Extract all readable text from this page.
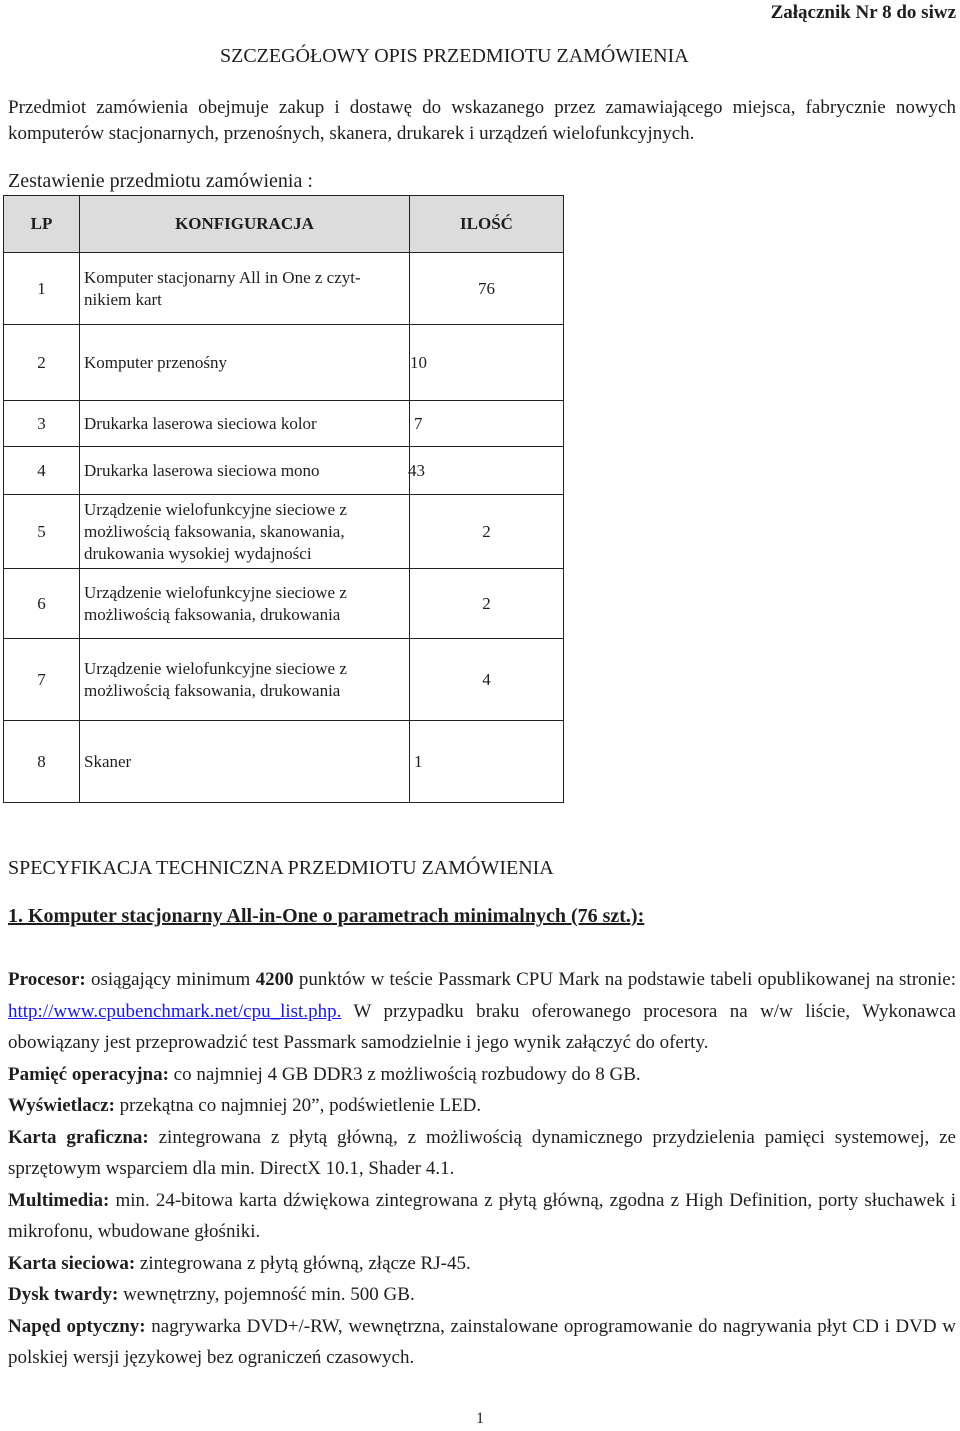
Załącznik Nr 8 do siwz
SZCZEGÓŁOWY OPIS PRZEDMIOTU ZAMÓWIENIA
Przedmiot zamówienia obejmuje zakup i dostawę do wskazanego przez zamawiającego miejsca, fabrycznie nowych komputerów stacjonarnych, przenośnych, skanera, drukarek i urządzeń wielofunkcyjnych.
Zestawienie przedmiotu zamówienia :
LP	KONFIGURACJA	ILOŚĆ
1	Komputer stacjonarny All in One z czyt-
nikiem kart	76
2	Komputer przenośny	10
3	Drukarka laserowa sieciowa kolor	7
4	Drukarka laserowa sieciowa mono	43
5	Urządzenie wielofunkcyjne sieciowe z
możliwością faksowania, skanowania,
drukowania wysokiej wydajności	2
6	Urządzenie wielofunkcyjne sieciowe z
możliwością faksowania, drukowania	2
7	Urządzenie wielofunkcyjne sieciowe z
możliwością faksowania, drukowania	4
8	Skaner	1
SPECYFIKACJA TECHNICZNA PRZEDMIOTU ZAMÓWIENIA
1. Komputer stacjonarny All-in-One o parametrach minimalnych (76 szt.):

Procesor: osiągający minimum 4200 punktów w teście Passmark CPU Mark na podstawie tabeli opublikowanej na stronie: http://www.cpubenchmark.net/cpu_list.php. W przypadku braku oferowanego procesora na w/w liście, Wykonawca obowiązany jest przeprowadzić test Passmark samodzielnie i jego wynik załączyć do oferty.

Pamięć operacyjna: co najmniej 4 GB DDR3 z możliwością rozbudowy do 8 GB.

Wyświetlacz: przekątna co najmniej 20”, podświetlenie LED.

Karta graficzna: zintegrowana z płytą główną, z możliwością dynamicznego przydzielenia pamięci systemowej, ze sprzętowym wsparciem dla min. DirectX 10.1, Shader 4.1.

Multimedia: min. 24-bitowa karta dźwiękowa zintegrowana z płytą główną, zgodna z High Definition, porty słuchawek i mikrofonu, wbudowane głośniki.

Karta sieciowa: zintegrowana z płytą główną, złącze RJ-45.

Dysk twardy: wewnętrzny, pojemność min. 500 GB.

Napęd optyczny: nagrywarka DVD+/-RW, wewnętrzna, zainstalowane oprogramowanie do nagrywania płyt CD i DVD w polskiej wersji językowej bez ograniczeń czasowych.

1
